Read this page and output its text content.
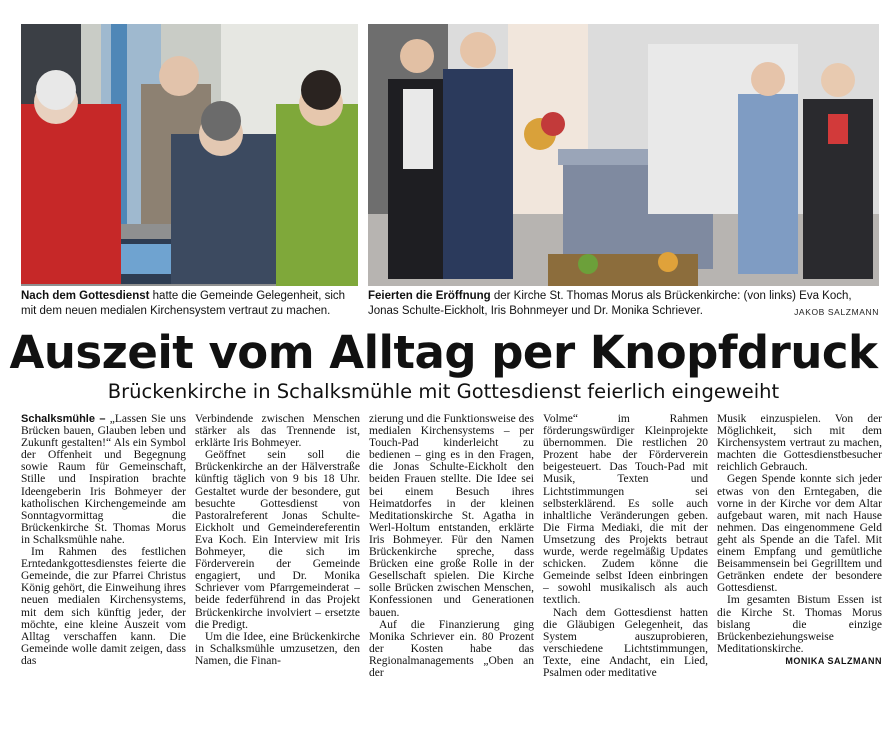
Nach dem Gottesdienst hatte die Gemeinde Gelegenheit, sich mit dem neuen medialen Kirchensystem vertraut zu machen.
Feierten die Eröffnung der Kirche St. Thomas Morus als Brückenkirche: (von links) Eva Koch, Jonas Schulte-Eickholt, Iris Bohnmeyer und Dr. Monika Schriever.	JAKOB SALZMANN
Auszeit vom Alltag per Knopfdruck
Brückenkirche in Schalksmühle mit Gottesdienst feierlich eingeweiht

Schalksmühle – „Lassen Sie uns Brücken bauen, Glauben leben und Zukunft gestalten!“ Als ein Symbol der Offenheit und Begegnung sowie Raum für Gemeinschaft, Stille und Inspiration brachte Ideengeberin Iris Bohmeyer der katholischen Kirchengemeinde am Sonntagvormittag die Brückenkirche St. Thomas Morus in Schalksmühle nahe.

Im Rahmen des festlichen Erntedankgottesdienstes feierte die Gemeinde, die zur Pfarrei Christus König gehört, die Einweihung ihres neuen medialen Kirchensystems, mit dem sich künftig jeder, der möchte, eine kleine Auszeit vom Alltag verschaffen kann. Die Gemeinde wolle damit zeigen, dass das

Verbindende zwischen Menschen stärker als das Trennende ist, erklärte Iris Bohmeyer.

Geöffnet sein soll die Brückenkirche an der Hälverstraße künftig täglich von 9 bis 18 Uhr. Gestaltet wurde der besondere, gut besuchte Gottesdienst von Pastoralreferent Jonas Schulte-Eickholt und Gemeindereferentin Eva Koch. Ein Interview mit Iris Bohmeyer, die sich im Förderverein der Gemeinde engagiert, und Dr. Monika Schriever vom Pfarrgemeinderat – beide federführend in das Projekt Brückenkirche involviert – ersetzte die Predigt.

Um die Idee, eine Brückenkirche in Schalksmühle umzusetzen, den Namen, die Finan-

zierung und die Funktionsweise des medialen Kirchensystems – per Touch-Pad kinderleicht zu bedienen – ging es in den Fragen, die Jonas Schulte-Eickholt den beiden Frauen stellte. Die Idee sei bei einem Besuch ihres Heimatdorfes in der kleinen Meditationskirche St. Agatha in Werl-Holtum entstanden, erklärte Iris Bohmeyer. Für den Namen Brückenkirche spreche, dass Brücken eine große Rolle in der Gesellschaft spielen. Die Kirche solle Brücken zwischen Menschen, Konfessionen und Generationen bauen.

Auf die Finanzierung ging Monika Schriever ein. 80 Prozent der Kosten habe das Regionalmanagements „Oben an der

Volme“ im Rahmen förderungswürdiger Kleinprojekte übernommen. Die restlichen 20 Prozent habe der Förderverein beigesteuert. Das Touch-Pad mit Musik, Texten und Lichtstimmungen sei selbsterklärend. Es solle auch inhaltliche Veränderungen geben. Die Firma Mediaki, die mit der Umsetzung des Projekts betraut wurde, werde regelmäßig Updates schicken. Zudem könne die Gemeinde selbst Ideen einbringen – sowohl musikalisch als auch textlich.

Nach dem Gottesdienst hatten die Gläubigen Gelegenheit, das System auszuprobieren, verschiedene Lichtstimmungen, Texte, eine Andacht, ein Lied, Psalmen oder meditative

Musik einzuspielen. Von der Möglichkeit, sich mit dem Kirchensystem vertraut zu machen, machten die Gottesdienstbesucher reichlich Gebrauch.

Gegen Spende konnte sich jeder etwas von den Erntegaben, die vorne in der Kirche vor dem Altar aufgebaut waren, mit nach Hause nehmen. Das eingenommene Geld geht als Spende an die Tafel. Mit einem Empfang und gemütliche Beisammensein bei Gegrilltem und Getränken endete der besondere Gottesdienst.

Im gesamten Bistum Essen ist die Kirche St. Thomas Morus bislang die einzige Brückenbeziehungsweise Meditationskirche.
MONIKA SALZMANN
